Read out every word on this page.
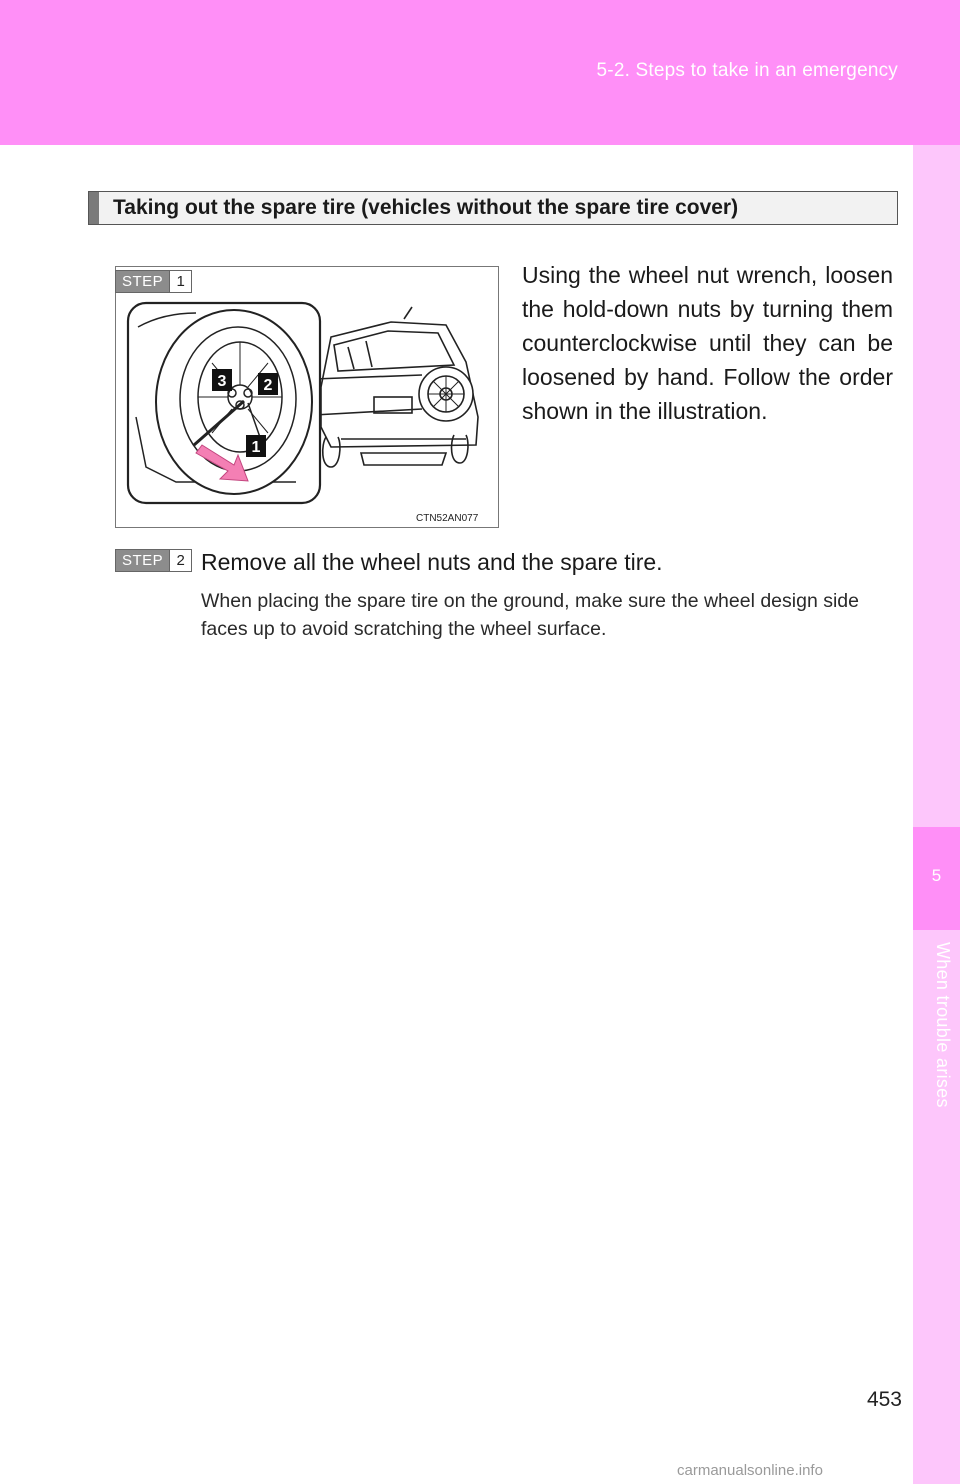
5-2. Steps to take in an emergency
5
When trouble arises
Taking out the spare tire (vehicles without the spare tire cover)
3 2
1
CTN52AN077
STEP 1	Using the wheel nut wrench, loosen the hold-down nuts by turning them counterclockwise until they can be loosened by hand. Follow the order shown in the illustration.
STEP 2 Remove all the wheel nuts and the spare tire.
When placing the spare tire on the ground, make sure the wheel design side faces up to avoid scratching the wheel surface.
453
carmanualsonline.info
